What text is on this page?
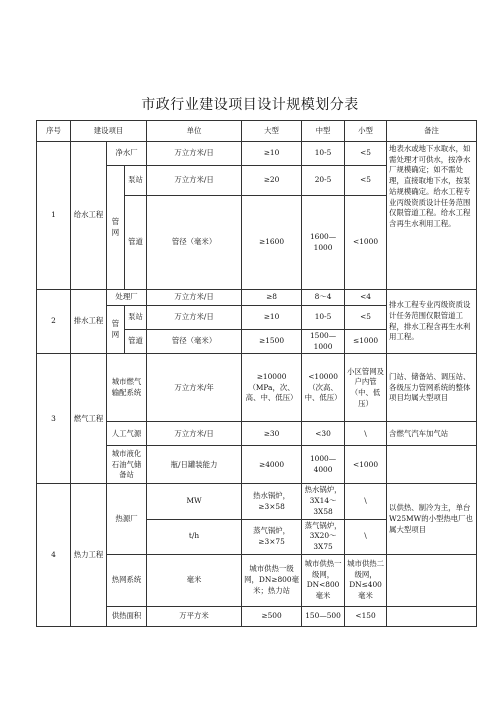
市政行业建设项目设计规模划分表
序号	建设项目			单位	大型	中型	小型	备注
1	给水工程	净水厂		万立方米/日	≥10	10-5	<5	地表水或地下水取水，如需处理才可供水，按净水厂规模确定；如不需处理，直接取地下水，按泵站规模确定。给水工程专业丙级资质设计任务范围仅限管道工程。给水工程含再生水利用工程。
		管网	泵站	万立方米/日	≥20	20-5	<5	
			管道	管径（毫米）	≥1600	1600—1000	<1000	
2	排水工程	处理厂		万立方米/日	≥8	8～4	<4	排水工程专业丙级资质设计任务范围仅限管道工程，排水工程含再生水利用工程。
		管网	泵站	万立方米/日	≥10	10-5	<5	
			管道	管径（毫米）	≥1500	1500—1000	≤1000	
3	燃气工程	城市燃气输配系统		万立方米/年	≥10000（MPa，次、高、中、低压）	<10000（次高、中、低压）	小区管网及户内管（中、低压）	门站、储备站、调压站、各级压力管网系统的整体项目均属大型项目
		人工气源		万立方米/日	≥30	<30	\	含燃气汽车加气站
		城市液化石油气储备站		瓶/日罐装能力	≥4000	1000—4000	<1000	
4	热力工程	热源厂		MW	热水锅炉，≥3×58	热水锅炉，3X14～3X58	\	以供热、制冷为主，单台W25MW的小型热电厂也属大型项目
				t/h	蒸气锅炉，≥3×75	蒸气锅炉，3X20～3X75	\	
		热网系统		毫米	城市供热一级网，DN≥800毫米；热力站	城市供热一级网，DN<800毫米	城市供热二级网，DN≤400毫米	
		供热面积		万平方米	≥500	150—500	<150	
